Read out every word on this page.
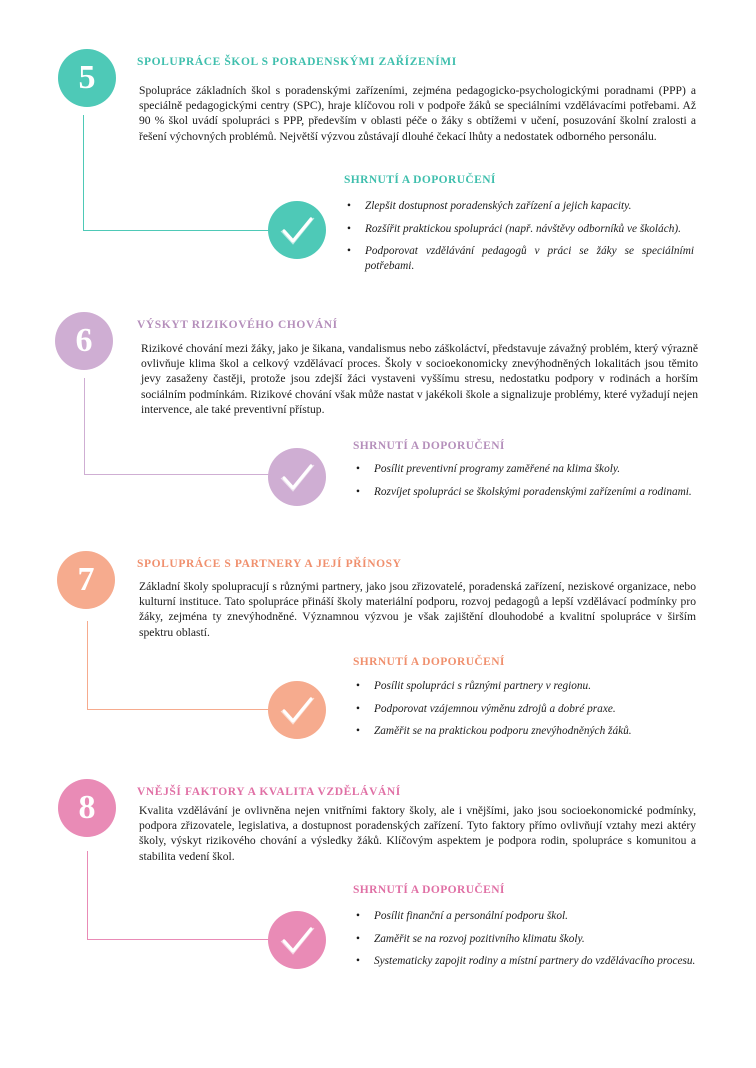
5	SPOLUPRÁCE ŠKOL S PORADENSKÝMI ZAŘÍZENÍMI

Spolupráce základních škol s poradenskými zařízeními, zejména pedagogicko-psychologickými poradnami (PPP) a speciálně pedagogickými centry (SPC), hraje klíčovou roli v podpoře žáků se speciálními vzdělávacími potřebami. Až 90 % škol uvádí spolupráci s PPP, především v oblasti péče o žáky s obtížemi v učení, posuzování školní zralosti a řešení výchovných problémů. Největší výzvou zůstávají dlouhé čekací lhůty a nedostatek odborného personálu.

SHRNUTÍ A DOPORUČENÍ
• Zlepšit dostupnost poradenských zařízení a jejich kapacity.
• Rozšířit praktickou spolupráci (např. návštěvy odborníků ve školách).
• Podporovat vzdělávání pedagogů v práci se žáky se speciálními potřebami.
6	VÝSKYT RIZIKOVÉHO CHOVÁNÍ

Rizikové chování mezi žáky, jako je šikana, vandalismus nebo záškoláctví, představuje závažný problém, který výrazně ovlivňuje klima škol a celkový vzdělávací proces. Školy v socioekonomicky znevýhodněných lokalitách jsou těmito jevy zasaženy častěji, protože jsou zdejší žáci vystaveni vyššímu stresu, nedostatku podpory v rodinách a horším sociálním podmínkám. Rizikové chování však může nastat v jakékoli škole a signalizuje problémy, které vyžadují nejen intervence, ale také preventivní přístup.

SHRNUTÍ A DOPORUČENÍ
• Posílit preventivní programy zaměřené na klima školy.
• Rozvíjet spolupráci se školskými poradenskými zařízeními a rodinami.
7	SPOLUPRÁCE S PARTNERY A JEJÍ PŘÍNOSY

Základní školy spolupracují s různými partnery, jako jsou zřizovatelé, poradenská zařízení, neziskové organizace, nebo kulturní instituce. Tato spolupráce přináší školy materiální podporu, rozvoj pedagogů a lepší vzdělávací podmínky pro žáky, zejména ty znevýhodněné. Významnou výzvou je však zajištění dlouhodobé a kvalitní spolupráce v širším spektru oblastí.

SHRNUTÍ A DOPORUČENÍ
• Posílit spolupráci s různými partnery v regionu.
• Podporovat vzájemnou výměnu zdrojů a dobré praxe.
• Zaměřit se na praktickou podporu znevýhodněných žáků.
8	VNĚJŠÍ FAKTORY A KVALITA VZDĚLÁVÁNÍ

Kvalita vzdělávání je ovlivněna nejen vnitřními faktory školy, ale i vnějšími, jako jsou socioekonomické podmínky, podpora zřizovatele, legislativa, a dostupnost poradenských zařízení. Tyto faktory přímo ovlivňují vztahy mezi aktéry školy, výskyt rizikového chování a výsledky žáků. Klíčovým aspektem je podpora rodin, spolupráce s komunitou a stabilita vedení škol.

SHRNUTÍ A DOPORUČENÍ
• Posílit finanční a personální podporu škol.
• Zaměřit se na rozvoj pozitivního klimatu školy.
• Systematicky zapojit rodiny a místní partnery do vzdělávacího procesu.
